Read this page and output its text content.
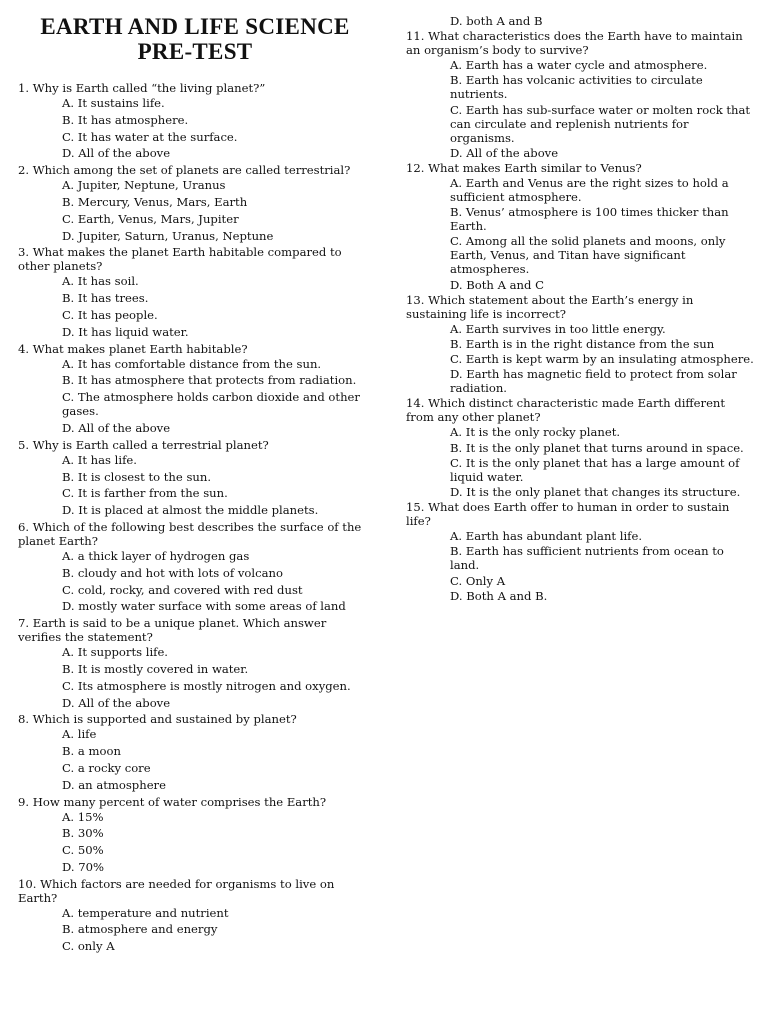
EARTH AND LIFE SCIENCE
PRE-TEST
1. Why is Earth called “the living planet?”
A. It sustains life.
B. It has atmosphere.
C. It has water at the surface.
D. All of the above
2. Which among the set of planets are called terrestrial?
A. Jupiter, Neptune, Uranus
B. Mercury, Venus, Mars, Earth
C. Earth, Venus, Mars, Jupiter
D. Jupiter, Saturn, Uranus, Neptune
3. What makes the planet Earth habitable compared to other planets?
A. It has soil.
B. It has trees.
C. It has people.
D. It has liquid water.
4. What makes planet Earth habitable?
A. It has comfortable distance from the sun.
B. It has atmosphere that protects from radiation.
C. The atmosphere holds carbon dioxide and other gases.
D. All of the above
5. Why is Earth called a terrestrial planet?
A. It has life.
B. It is closest to the sun.
C. It is farther from the sun.
D. It is placed at almost the middle planets.
6. Which of the following best describes the surface of the planet Earth?
A. a thick layer of hydrogen gas
B. cloudy and hot with lots of volcano
C. cold, rocky, and covered with red dust
D. mostly water surface with some areas of land
7. Earth is said to be a unique planet. Which answer verifies the statement?
A. It supports life.
B. It is mostly covered in water.
C. Its atmosphere is mostly nitrogen and oxygen.
D. All of the above
8. Which is supported and sustained by planet?
A. life
B. a moon
C. a rocky core
D. an atmosphere
9. How many percent of water comprises the Earth?
A. 15%
B. 30%
C. 50%
D. 70%
10. Which factors are needed for organisms to live on Earth?
A. temperature and nutrient
B. atmosphere and energy
C. only A
D. both A and B
11. What characteristics does the Earth have to maintain an organism’s body to survive?
A. Earth has a water cycle and atmosphere.
B. Earth has volcanic activities to circulate nutrients.
C. Earth has sub-surface water or molten rock that can circulate and replenish nutrients for organisms.
D. All of the above
12. What makes Earth similar to Venus?
A. Earth and Venus are the right sizes to hold a sufficient atmosphere.
B. Venus’ atmosphere is 100 times thicker than Earth.
C. Among all the solid planets and moons, only Earth, Venus, and Titan have significant atmospheres.
D. Both A and C
13. Which statement about the Earth’s energy in sustaining life is incorrect?
A. Earth survives in too little energy.
B. Earth is in the right distance from the sun
C. Earth is kept warm by an insulating atmosphere.
D. Earth has magnetic field to protect from solar radiation.
14. Which distinct characteristic made Earth different from any other planet?
A. It is the only rocky planet.
B. It is the only planet that turns around in space.
C. It is the only planet that has a large amount of liquid water.
D. It is the only planet that changes its structure.
15. What does Earth offer to human in order to sustain life?
A. Earth has abundant plant life.
B. Earth has sufficient nutrients from ocean to land.
C. Only A
D. Both A and B.
